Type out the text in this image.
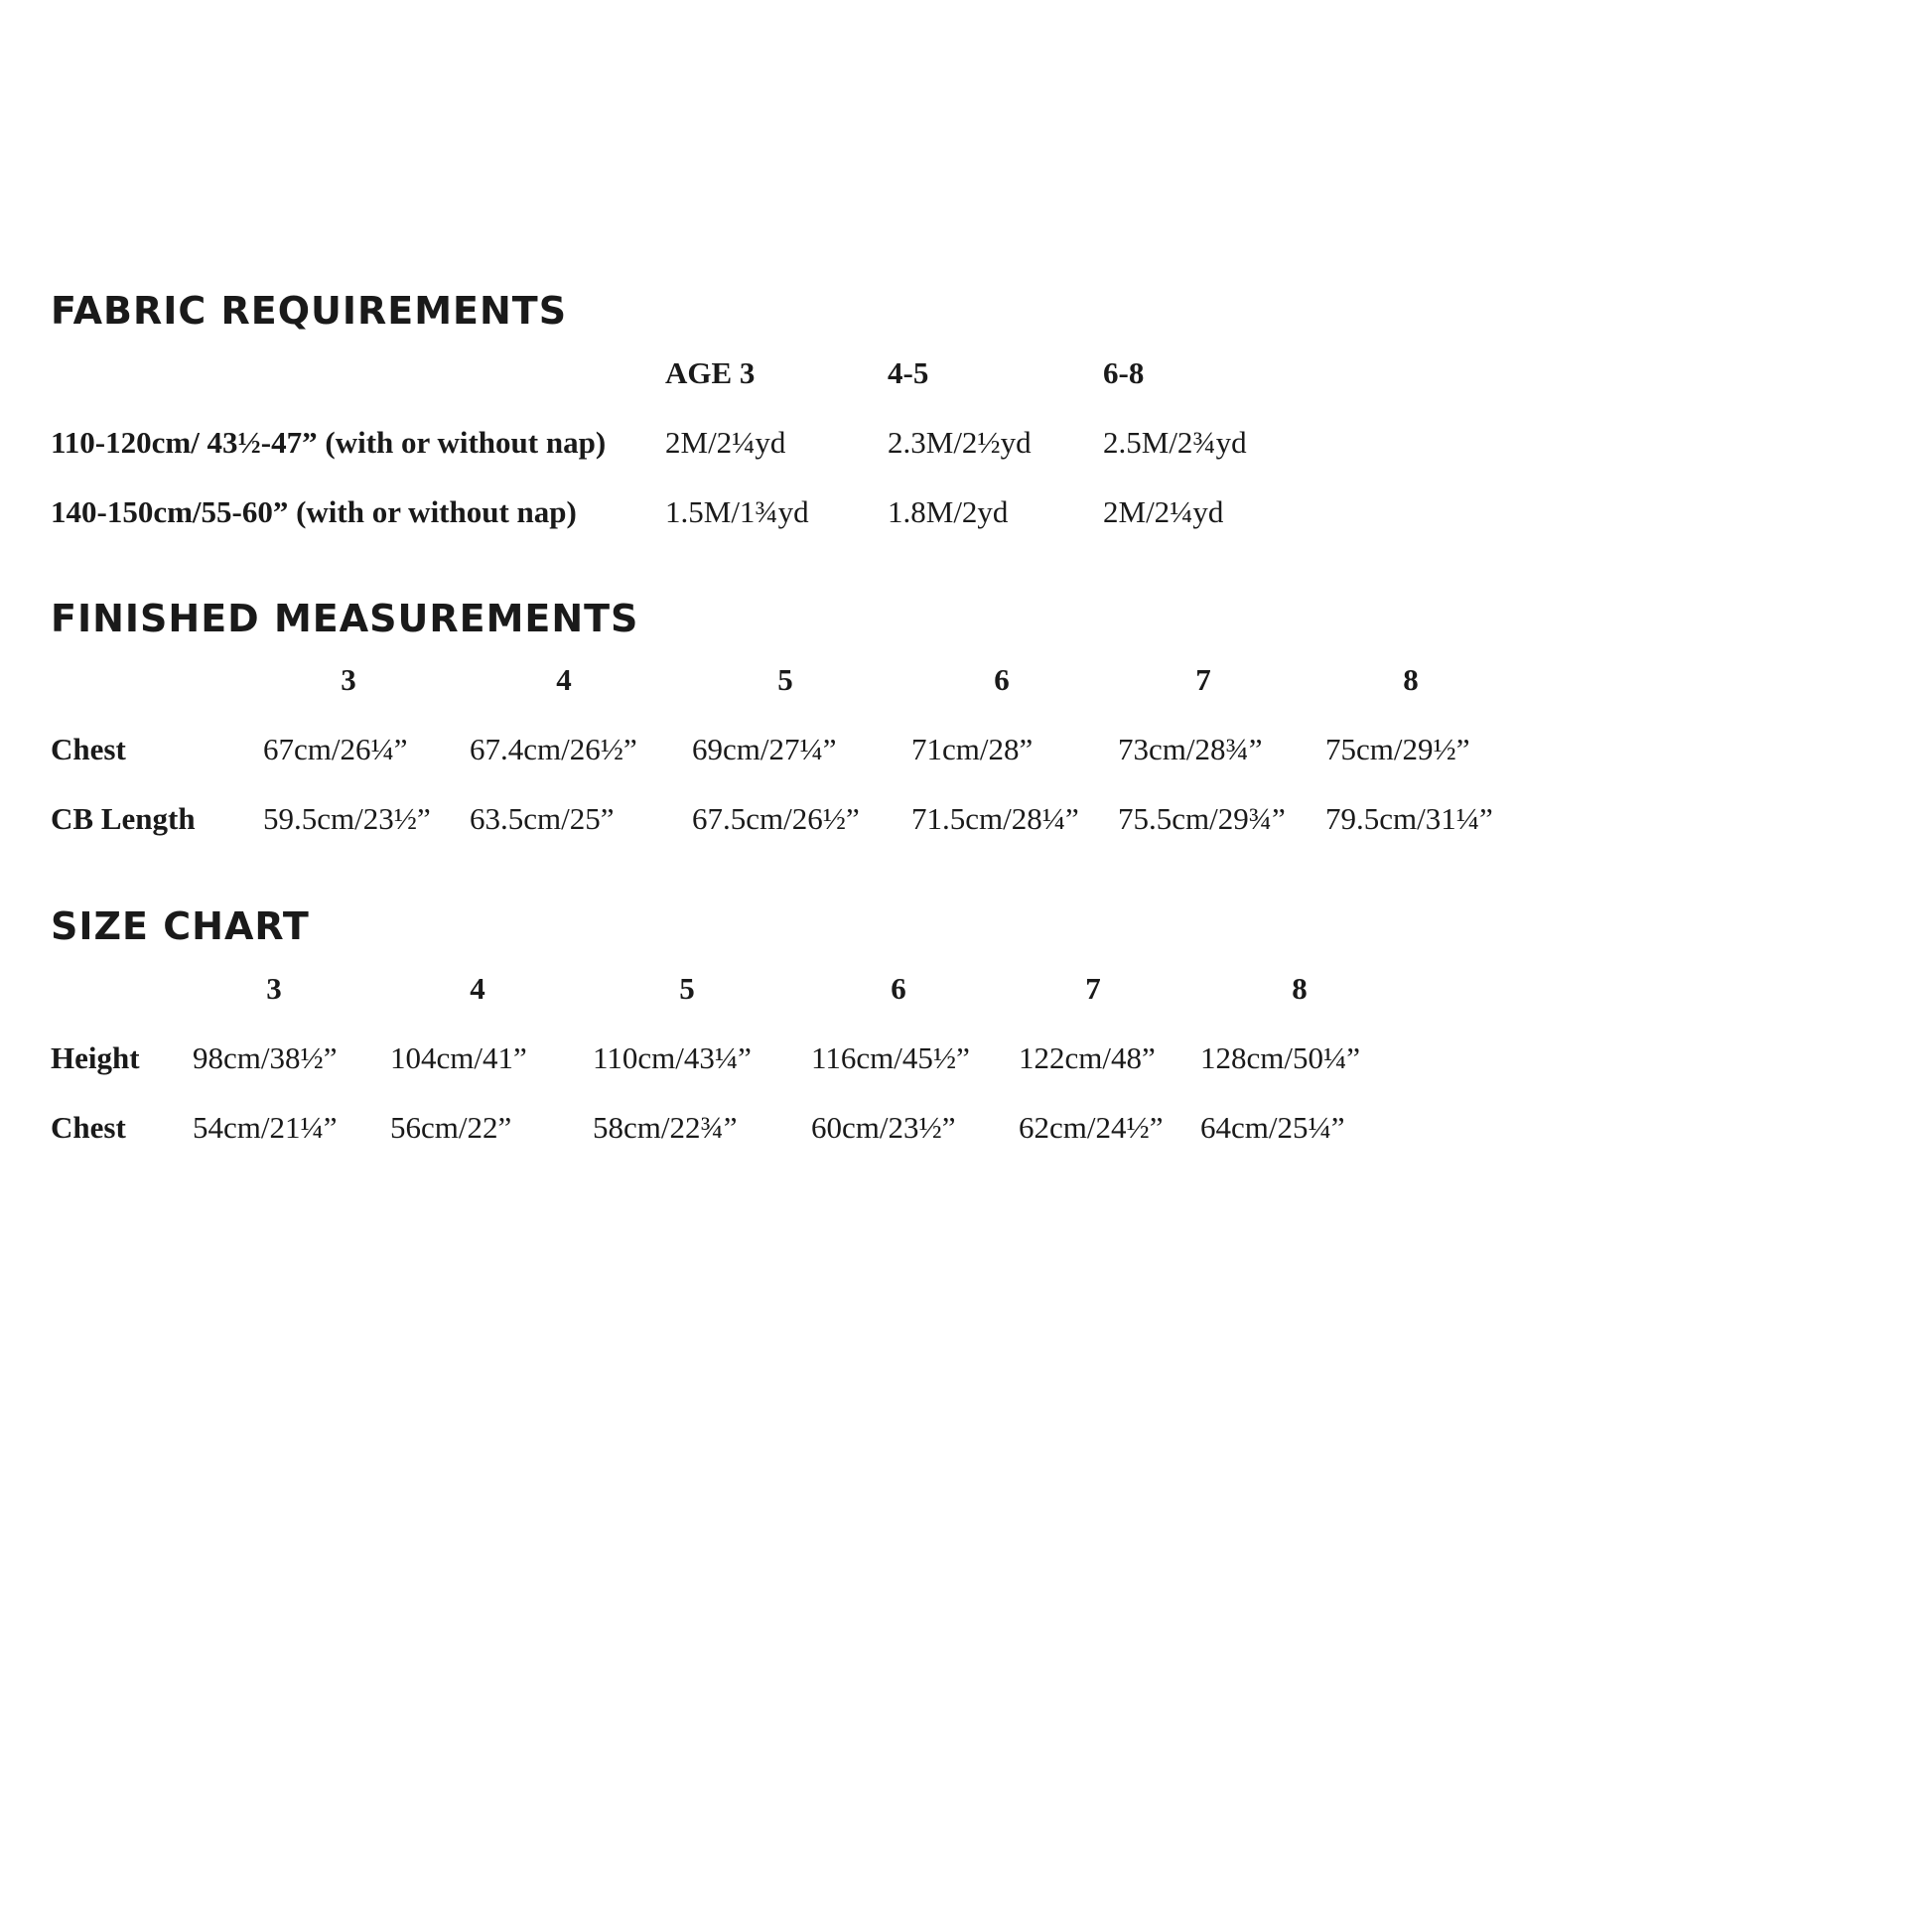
FABRIC REQUIREMENTS
AGE 3	4-5	6-8
110-120cm/ 43½-47” (with or without nap) 2M/2¼yd	2.3M/2½yd 2.5M/2¾yd
140-150cm/55-60” (with or without nap)	1.5M/1¾yd	1.8M/2yd	2M/2¼yd
FINISHED MEASUREMENTS
3	4	5	6	7	8
Chest	67cm/26¼” 67.4cm/26½” 69cm/27¼” 71cm/28”	73cm/28¾” 75cm/29½”
CB Length 59.5cm/23½” 63.5cm/25”	67.5cm/26½” 71.5cm/28¼” 75.5cm/29¾” 79.5cm/31¼”
SIZE CHART
3	4	5	6	7	8
Height 98cm/38½” 104cm/41” 110cm/43¼” 116cm/45½” 122cm/48” 128cm/50¼”
Chest 54cm/21¼” 56cm/22”	58cm/22¾” 60cm/23½” 62cm/24½” 64cm/25¼”
